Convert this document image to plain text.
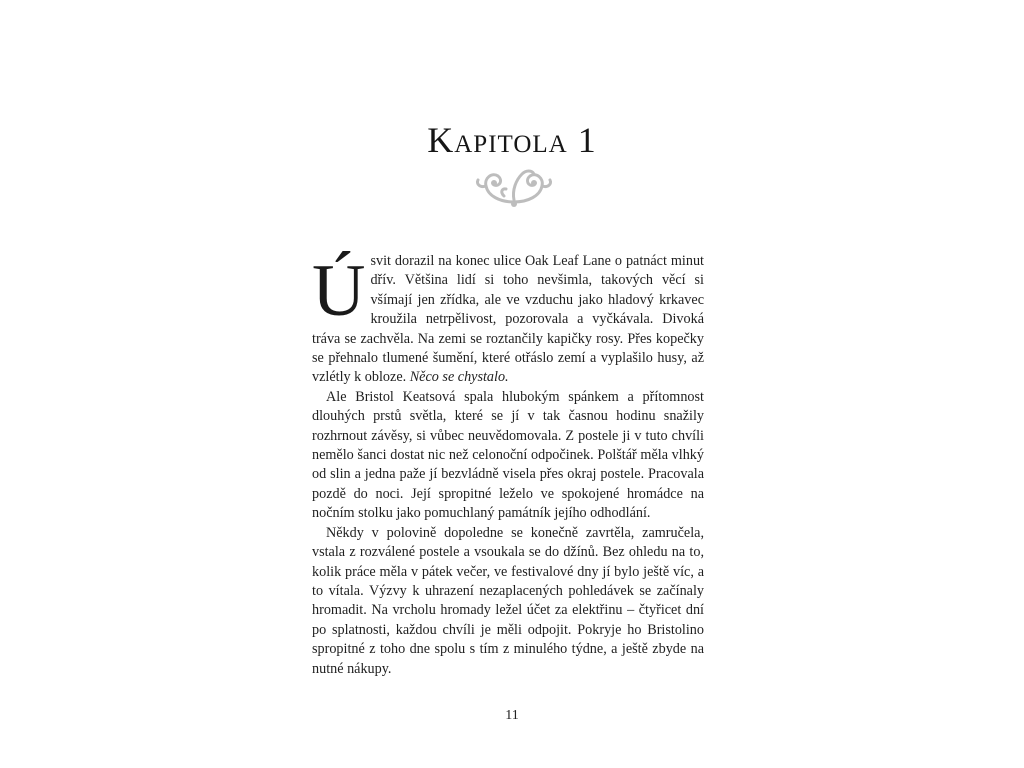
Kapitola 1

Úsvit dorazil na konec ulice Oak Leaf Lane o patnáct minut dřív. Většina lidí si toho nevšimla, takových věcí si všímají jen zřídka, ale ve vzduchu jako hladový krkavec kroužila netrpělivost, pozorovala a vyčkávala. Divoká tráva se zachvěla. Na zemi se roztančily kapičky rosy. Přes kopečky se přehnalo tlumené šumění, které otřáslo zemí a vyplašilo husy, až vzlétly k obloze. Něco se chystalo.

Ale Bristol Keatsová spala hlubokým spánkem a přítomnost dlouhých prstů světla, které se jí v tak časnou hodinu snažily rozhrnout závěsy, si vůbec neuvědomovala. Z postele ji v tuto chvíli nemělo šanci dostat nic než celonoční odpočinek. Polštář měla vlhký od slin a jedna paže jí bezvládně visela přes okraj postele. Pracovala pozdě do noci. Její spropitné leželo ve spokojené hromádce na nočním stolku jako pomuchlaný památník jejího odhodlání.

Někdy v polovině dopoledne se konečně zavrtěla, zamručela, vstala z rozválené postele a vsoukala se do džínů. Bez ohledu na to, kolik práce měla v pátek večer, ve festivalové dny jí bylo ještě víc, a to vítala. Výzvy k uhrazení nezaplacených pohledávek se začínaly hromadit. Na vrcholu hromady ležel účet za elektřinu – čtyřicet dní po splatnosti, každou chvíli je měli odpojit. Pokryje ho Bristolino spropitné z toho dne spolu s tím z minulého týdne, a ještě zbyde na nutné nákupy.

11
